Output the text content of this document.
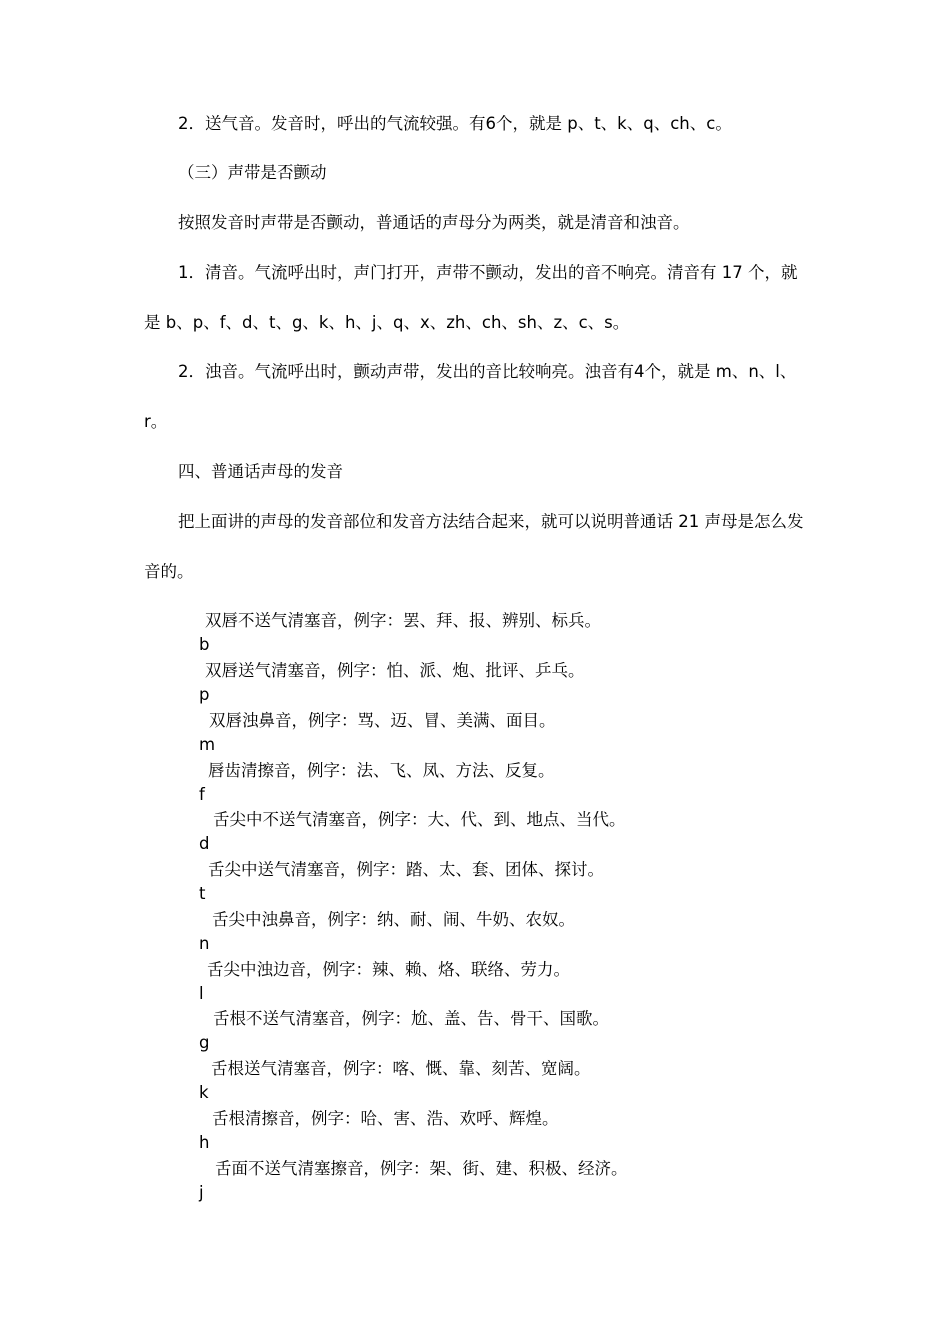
2．送气音。发音时，呼出的气流较强。有6个，就是 p、t、k、q、ch、c。
（三）声带是否颤动
按照发音时声带是否颤动，普通话的声母分为两类，就是清音和浊音。
1．清音。气流呼出时，声门打开，声带不颤动，发出的音不响亮。清音有 17 个，就
是 b、p、f、d、t、g、k、h、j、q、x、zh、ch、sh、z、c、s。
2．浊音。气流呼出时，颤动声带，发出的音比较响亮。浊音有4个，就是 m、n、l、
r。
四、普通话声母的发音
把上面讲的声母的发音部位和发音方法结合起来，就可以说明普通话 21 声母是怎么发
音的。

b

双唇不送气清塞音，例字：罢、拜、报、辨别、标兵。

p

双唇送气清塞音，例字：怕、派、炮、批评、乒乓。

m

双唇浊鼻音，例字：骂、迈、冒、美满、面目。

f

唇齿清擦音，例字：法、飞、凤、方法、反复。

d

舌尖中不送气清塞音，例字：大、代、到、地点、当代。

t

舌尖中送气清塞音，例字：踏、太、套、团体、探讨。

n

舌尖中浊鼻音，例字：纳、耐、闹、牛奶、农奴。

l

舌尖中浊边音，例字：辣、赖、烙、联络、劳力。

g

舌根不送气清塞音，例字：尬、盖、告、骨干、国歌。

k

舌根送气清塞音，例字：喀、慨、靠、刻苦、宽阔。

h

舌根清擦音，例字：哈、害、浩、欢呼、辉煌。

j

舌面不送气清塞擦音，例字：架、街、建、积极、经济。
